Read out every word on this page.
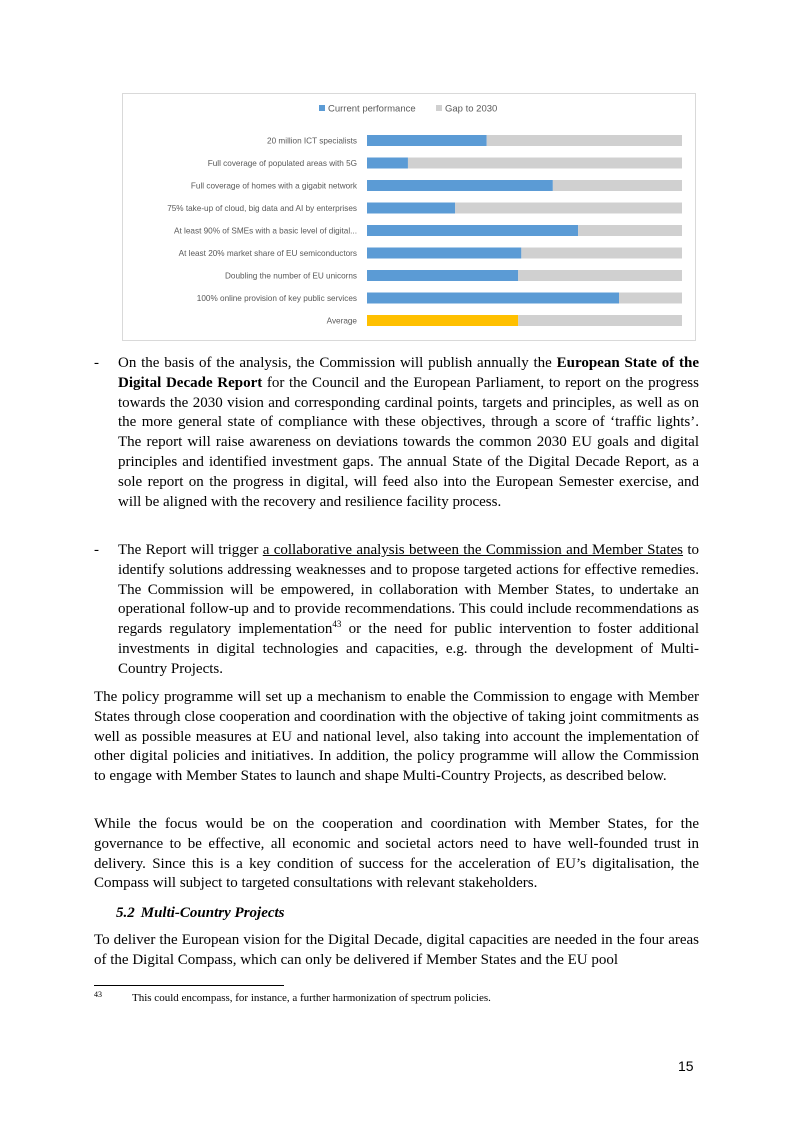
Current performance	Gap to 2030
20 million ICT specialists
Full coverage of populated areas with 5G
Full coverage of homes with a gigabit network
75% take-up of cloud, big data and AI by enterprises
At least 90% of SMEs with a basic level of digital...
At least 20% market share of EU semiconductors
Doubling the number of EU unicorns
100% online provision of key public services
Average
- On the basis of the analysis, the Commission will publish annually the European State of the Digital Decade Report for the Council and the European Parliament, to report on the progress towards the 2030 vision and corresponding cardinal points, targets and principles, as well as on the more general state of compliance with these objectives, through a score of ‘traffic lights’. The report will raise awareness on deviations towards the common 2030 EU goals and digital principles and identified investment gaps. The annual State of the Digital Decade Report, as a sole report on the progress in digital, will feed also into the European Semester exercise, and will be aligned with the recovery and resilience facility process.
- The Report will trigger a collaborative analysis between the Commission and Member States to identify solutions addressing weaknesses and to propose targeted actions for effective remedies. The Commission will be empowered, in collaboration with Member States, to undertake an operational follow-up and to provide recommendations. This could include recommendations as regards regulatory implementation$^{43}$ or the need for public intervention to foster additional investments in digital technologies and capacities, e.g. through the development of Multi-Country Projects.

The policy programme will set up a mechanism to enable the Commission to engage with Member States through close cooperation and coordination with the objective of taking joint commitments as well as possible measures at EU and national level, also taking into account the implementation of other digital policies and initiatives. In addition, the policy programme will allow the Commission to engage with Member States to launch and shape Multi-Country Projects, as described below.

While the focus would be on the cooperation and coordination with Member States, for the governance to be effective, all economic and societal actors need to have well-founded trust in delivery. Since this is a key condition of success for the acceleration of EU’s digitalisation, the Compass will subject to targeted consultations with relevant stakeholders.

5.2 Multi-Country Projects

To deliver the European vision for the Digital Decade, digital capacities are needed in the four areas of the Digital Compass, which can only be delivered if Member States and the EU pool

43	This could encompass, for instance, a further harmonization of spectrum policies.
15
